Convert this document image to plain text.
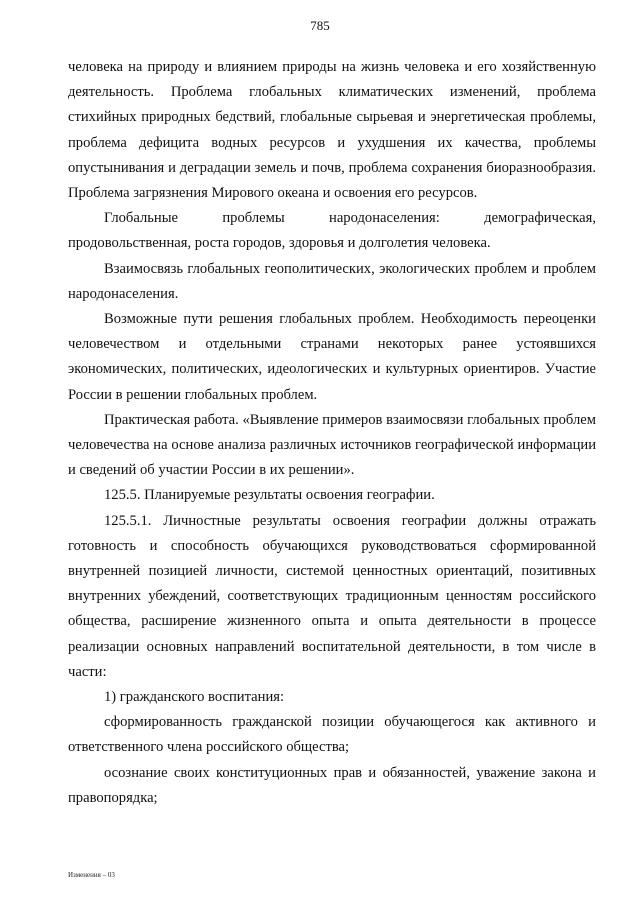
785

человека на природу и влиянием природы на жизнь человека и его хозяйственную деятельность. Проблема глобальных климатических изменений, проблема стихийных природных бедствий, глобальные сырьевая и энергетическая проблемы, проблема дефицита водных ресурсов и ухудшения их качества, проблемы опустынивания и деградации земель и почв, проблема сохранения биоразнообразия. Проблема загрязнения Мирового океана и освоения его ресурсов.

Глобальные проблемы народонаселения: демографическая, продовольственная, роста городов, здоровья и долголетия человека.

Взаимосвязь глобальных геополитических, экологических проблем и проблем народонаселения.

Возможные пути решения глобальных проблем. Необходимость переоценки человечеством и отдельными странами некоторых ранее устоявшихся экономических, политических, идеологических и культурных ориентиров. Участие России в решении глобальных проблем.

Практическая работа. «Выявление примеров взаимосвязи глобальных проблем человечества на основе анализа различных источников географической информации и сведений об участии России в их решении».

125.5. Планируемые результаты освоения географии.

125.5.1. Личностные результаты освоения географии должны отражать готовность и способность обучающихся руководствоваться сформированной внутренней позицией личности, системой ценностных ориентаций, позитивных внутренних убеждений, соответствующих традиционным ценностям российского общества, расширение жизненного опыта и опыта деятельности в процессе реализации основных направлений воспитательной деятельности, в том числе в части:

1) гражданского воспитания:

сформированность гражданской позиции обучающегося как активного и ответственного члена российского общества;

осознание своих конституционных прав и обязанностей, уважение закона и правопорядка;

Изменения – 03
